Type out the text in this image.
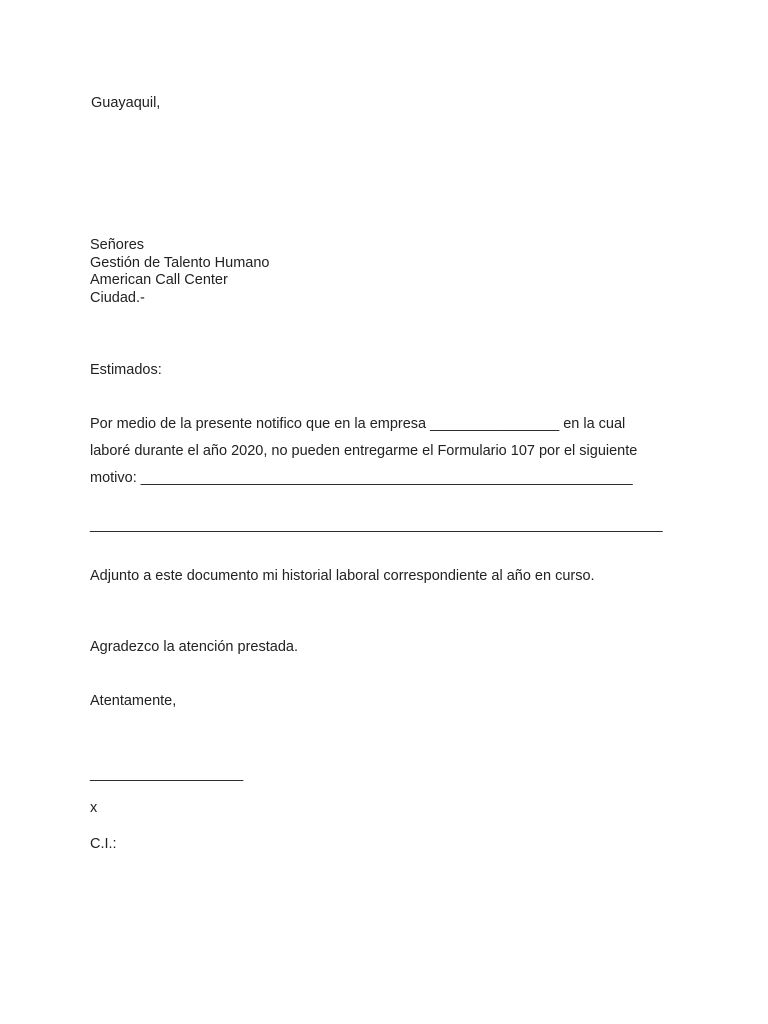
Guayaquil,
Señores
Gestión de Talento Humano
American Call Center
Ciudad.-
Estimados:
Por medio de la presente notifico que en la empresa ________________ en la cual
laboré durante el año 2020, no pueden entregarme el Formulario 107 por el siguiente
motivo: _____________________________________________________________
_______________________________________________________________________
Adjunto a este documento mi historial laboral correspondiente al año en curso.
Agradezco la atención prestada.
Atentamente,
___________________
x
C.I.:
